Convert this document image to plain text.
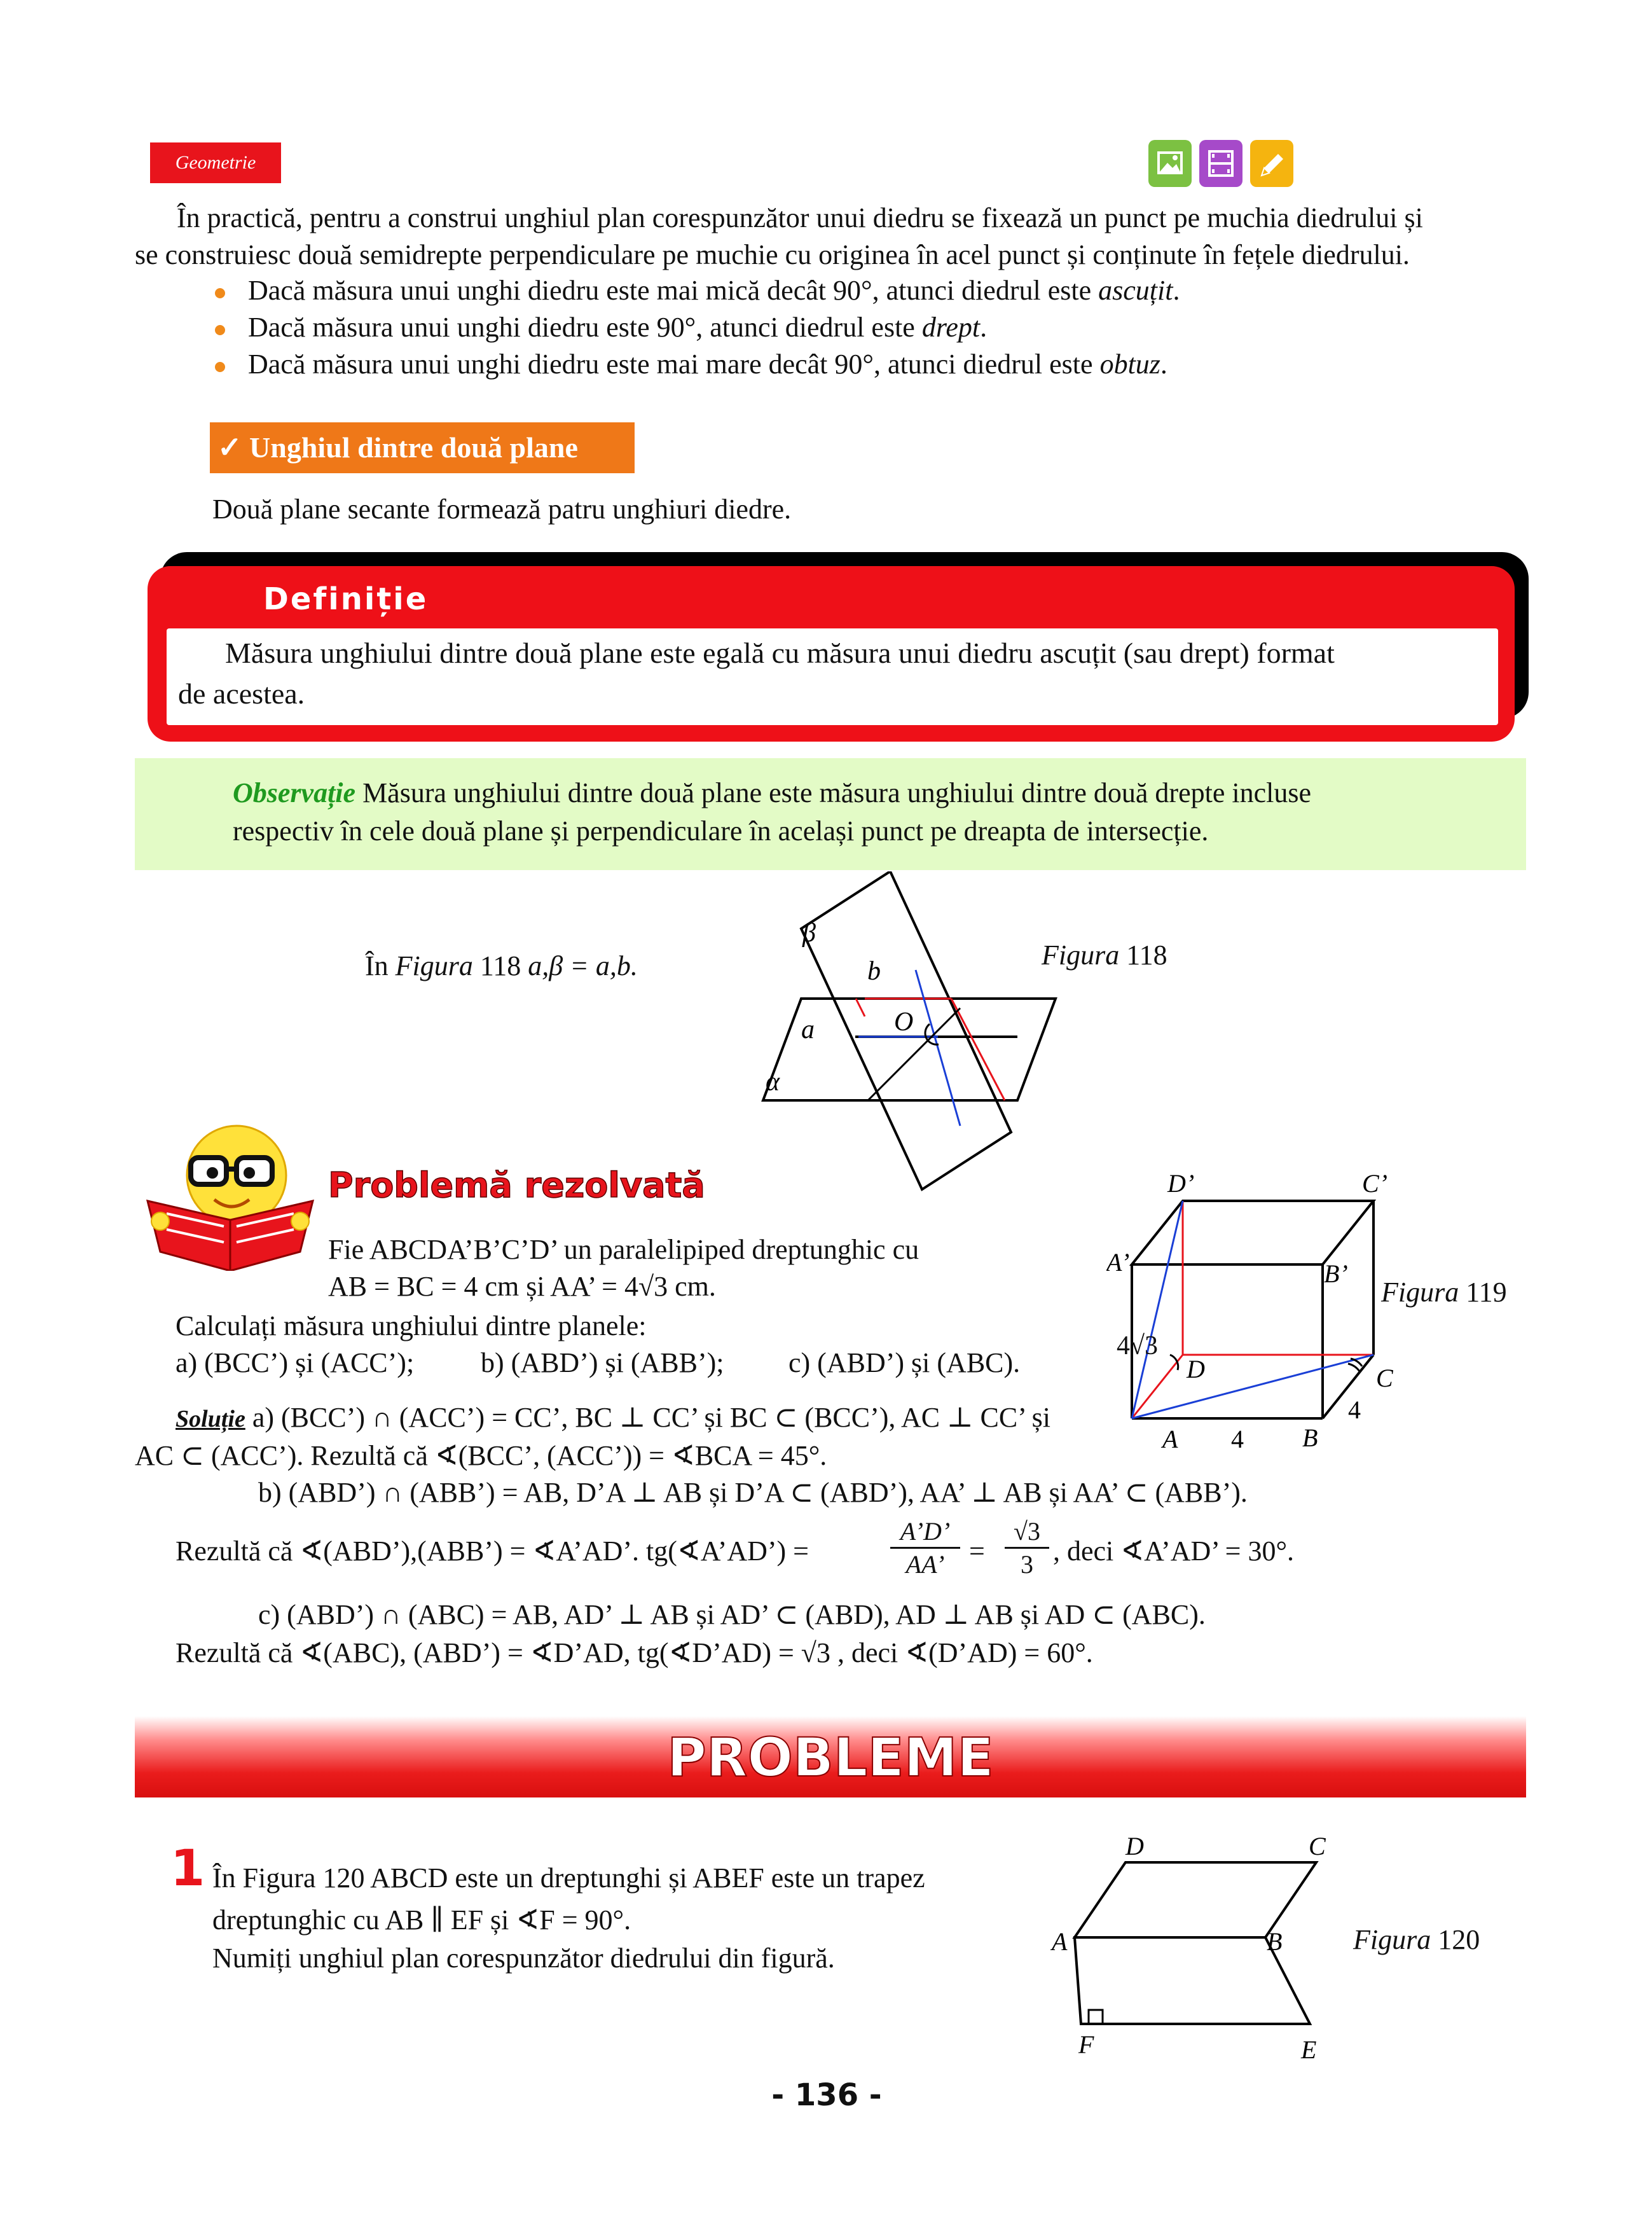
Geometrie
În practică, pentru a construi unghiul plan corespunzător unui diedru se fixează un punct pe muchia diedrului și
se construiesc două semidrepte perpendiculare pe muchie cu originea în acel punct și conținute în fețele diedrului.
Dacă măsura unui unghi diedru este mai mică decât 90°, atunci diedrul este ascuțit.
Dacă măsura unui unghi diedru este 90°, atunci diedrul este drept.
Dacă măsura unui unghi diedru este mai mare decât 90°, atunci diedrul este obtuz.
✓ Unghiul dintre două plane
Două plane secante formează patru unghiuri diedre.
Definiție
Măsura unghiului dintre două plane este egală cu măsura unui diedru ascuțit (sau drept) format
de acestea.
Observație Măsura unghiului dintre două plane este măsura unghiului dintre două drepte incluse
respectiv în cele două plane și perpendiculare în același punct pe dreapta de intersecție.
În Figura 118 a,β = a,b.	Figura 118
β
b
O
a
α
Problemă rezolvată
Fie ABCDA’B’C’D’ un paralelipiped dreptunghic cu
AB = BC = 4 cm și AA’ = 4√3 cm.
Calculați măsura unghiului dintre planele:
a) (BCC’) și (ACC’); b) (ABD’) și (ABB’); c) (ABD’) și (ABC).
Soluție a) (BCC’) ∩ (ACC’) = CC’, BC ⊥ CC’ și BC ⊂ (BCC’), AC ⊥ CC’ și
AC ⊂ (ACC’). Rezultă că ∢(BCC’, (ACC’)) = ∢BCA = 45°.
b) (ABD’) ∩ (ABB’) = AB, D’A ⊥ AB și D’A ⊂ (ABD’), AA’ ⊥ AB și AA’ ⊂ (ABB’).
Rezultă că ∢(ABD’),(ABB’) = ∢A’AD’. tg(∢A’AD’) =
A’D’
AA’ =
√3
3 , deci ∢A’AD’ = 30°.
c) (ABD’) ∩ (ABC) = AB, AD’ ⊥ AB și AD’ ⊂ (ABD), AD ⊥ AB și AD ⊂ (ABC).
Rezultă că ∢(ABC), (ABD’) = ∢D’AD, tg(∢D’AD) = √3 , deci ∢(D’AD) = 60°.
D’	C’
A’	B’
D	C
A	B
4
4
4√3
Figura 119
PROBLEME
1 În Figura 120 ABCD este un dreptunghi și ABEF este un trapez
dreptunghic cu AB ∥ EF și ∢F = 90°.
Numiți unghiul plan corespunzător diedrului din figură.
D	C
A	B
F	E
Figura 120
- 136 -
